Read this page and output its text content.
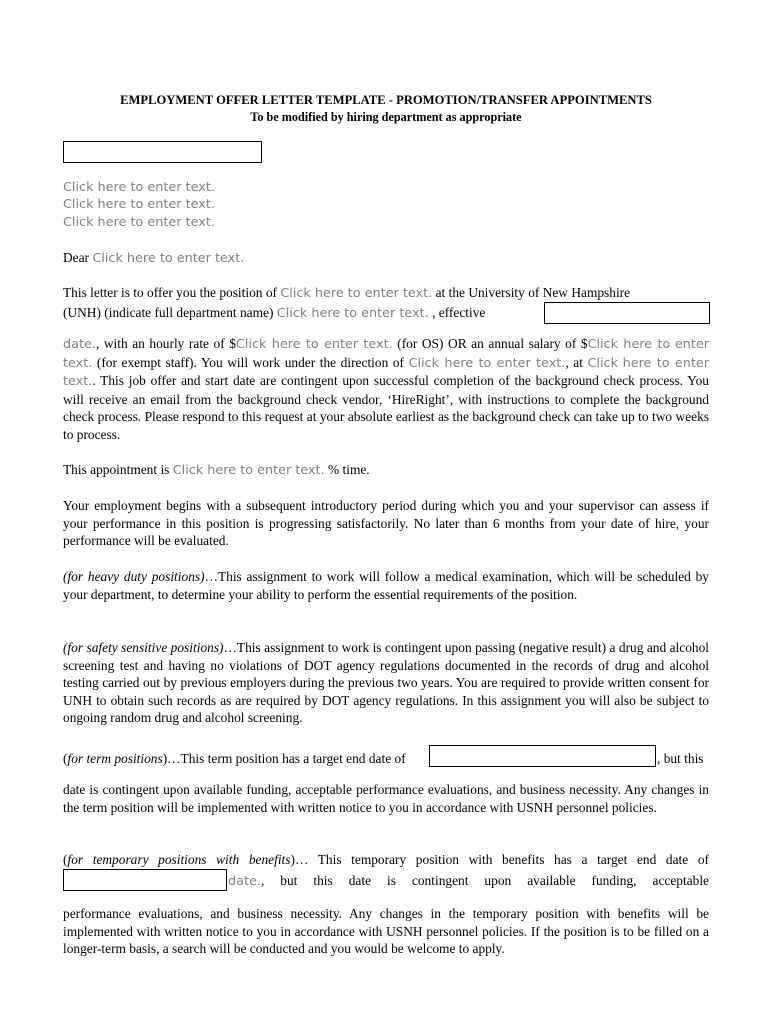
EMPLOYMENT OFFER LETTER TEMPLATE - PROMOTION/TRANSFER APPOINTMENTS
To be modified by hiring department as appropriate
Click here to enter text.
Click here to enter text.
Click here to enter text.
Dear Click here to enter text.
This letter is to offer you the position of Click here to enter text. at the University of New Hampshire
(UNH) (indicate full department name) Click here to enter text. , effective
date., with an hourly rate of $Click here to enter text. (for OS) OR an annual salary of $Click here to enter text. (for exempt staff). You will work under the direction of Click here to enter text., at Click here to enter text.. This job offer and start date are contingent upon successful completion of the background check process. You will receive an email from the background check vendor, ‘HireRight’, with instructions to complete the background check process. Please respond to this request at your absolute earliest as the background check can take up to two weeks to process.
This appointment is Click here to enter text. % time.
Your employment begins with a subsequent introductory period during which you and your supervisor can assess if your performance in this position is progressing satisfactorily. No later than 6 months from your date of hire, your performance will be evaluated.
(for heavy duty positions)…This assignment to work will follow a medical examination, which will be scheduled by your department, to determine your ability to perform the essential requirements of the position.
(for safety sensitive positions)…This assignment to work is contingent upon passing (negative result) a drug and alcohol screening test and having no violations of DOT agency regulations documented in the records of drug and alcohol testing carried out by previous employers during the previous two years. You are required to provide written consent for UNH to obtain such records as are required by DOT agency regulations. In this assignment you will also be subject to ongoing random drug and alcohol screening.
(for term positions)…This term position has a target end date of	, but this
date is contingent upon available funding, acceptable performance evaluations, and business necessity. Any changes in the term position will be implemented with written notice to you in accordance with USNH personnel policies.
(for temporary positions with benefits)… This temporary position with benefits has a target end date of
date., but this date is contingent upon available funding, acceptable
performance evaluations, and business necessity. Any changes in the temporary position with benefits will be implemented with written notice to you in accordance with USNH personnel policies. If the position is to be filled on a longer-term basis, a search will be conducted and you would be welcome to apply.
